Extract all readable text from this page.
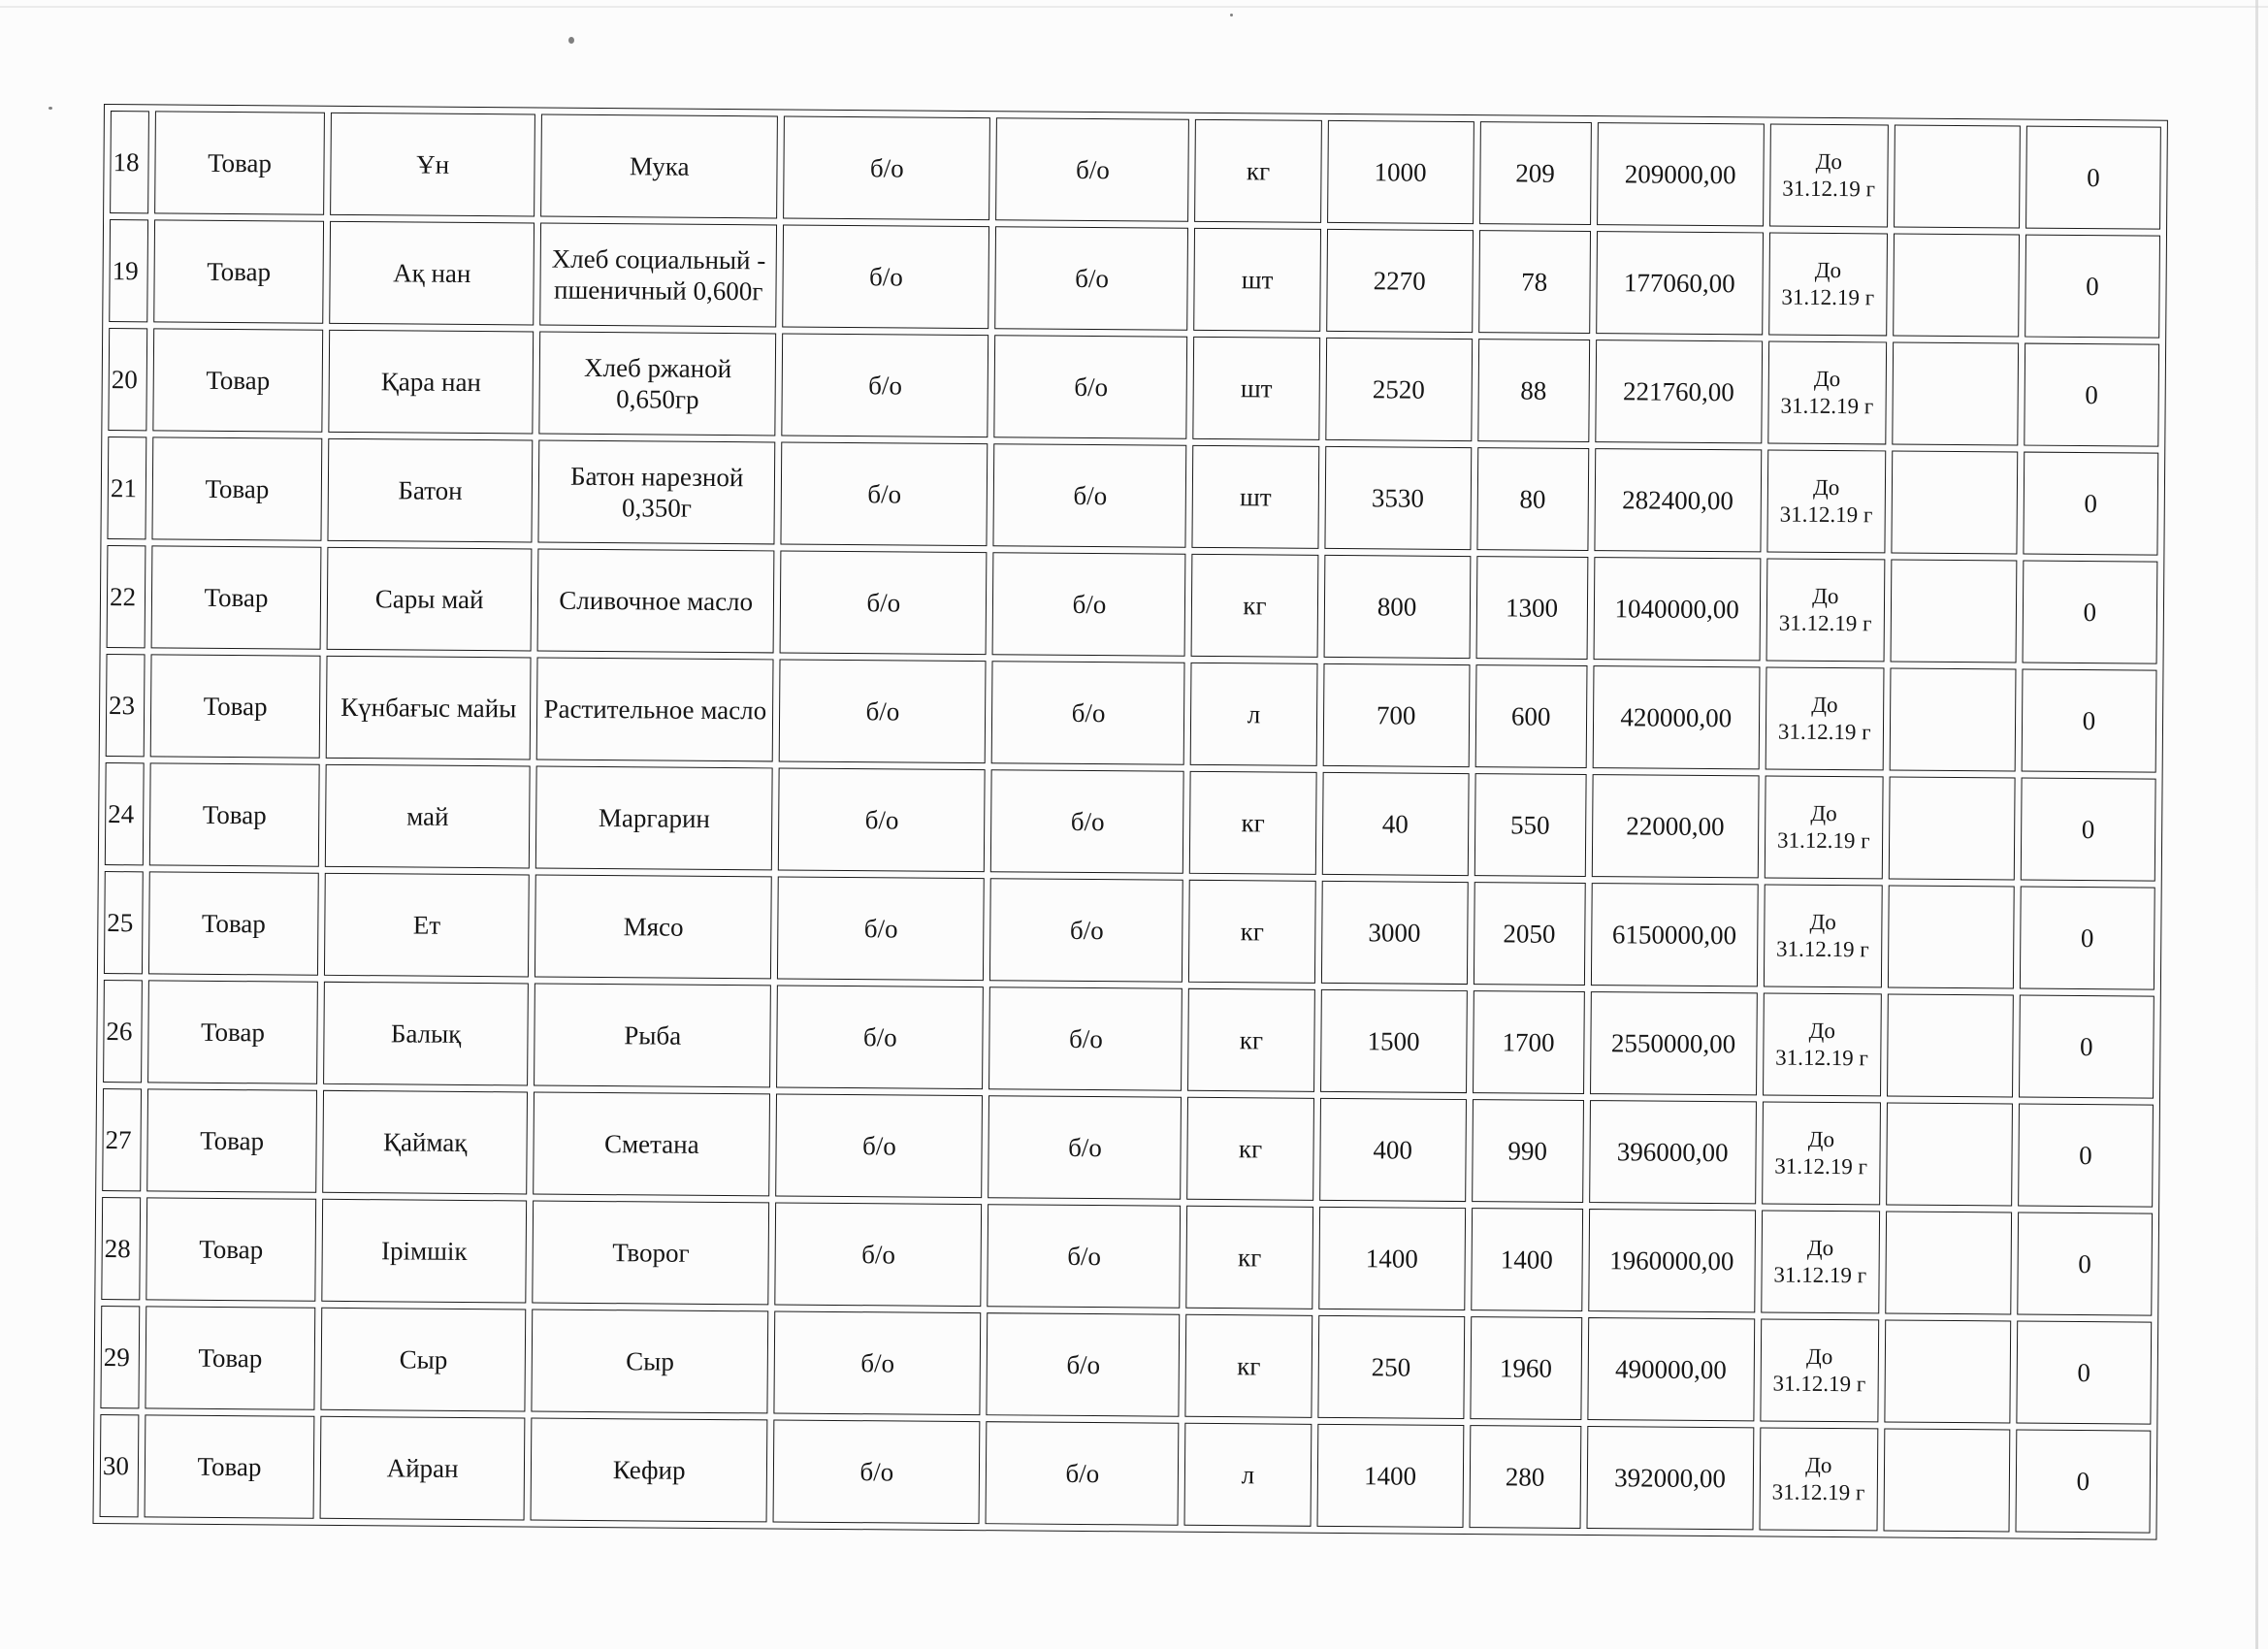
18	Товар	Ұн	Мука	б/о	б/о	кг	1000	209	209000,00	До
31.12.19 г		0
19	Товар	Ақ нан	Хлеб социальный - пшеничный 0,600г	б/о	б/о	шт	2270	78	177060,00	До
31.12.19 г		0
20	Товар	Қара нан	Хлеб ржаной 0,650гр	б/о	б/о	шт	2520	88	221760,00	До
31.12.19 г		0
21	Товар	Батон	Батон нарезной 0,350г	б/о	б/о	шт	3530	80	282400,00	До
31.12.19 г		0
22	Товар	Сары май	Сливочное масло	б/о	б/о	кг	800	1300	1040000,00	До
31.12.19 г		0
23	Товар	Күнбағыс майы	Растительное масло	б/о	б/о	л	700	600	420000,00	До
31.12.19 г		0
24	Товар	май	Маргарин	б/о	б/о	кг	40	550	22000,00	До
31.12.19 г		0
25	Товар	Ет	Мясо	б/о	б/о	кг	3000	2050	6150000,00	До
31.12.19 г		0
26	Товар	Балық	Рыба	б/о	б/о	кг	1500	1700	2550000,00	До
31.12.19 г		0
27	Товар	Қаймақ	Сметана	б/о	б/о	кг	400	990	396000,00	До
31.12.19 г		0
28	Товар	Ірімшік	Творог	б/о	б/о	кг	1400	1400	1960000,00	До
31.12.19 г		0
29	Товар	Сыр	Сыр	б/о	б/о	кг	250	1960	490000,00	До
31.12.19 г		0
30	Товар	Айран	Кефир	б/о	б/о	л	1400	280	392000,00	До
31.12.19 г		0
